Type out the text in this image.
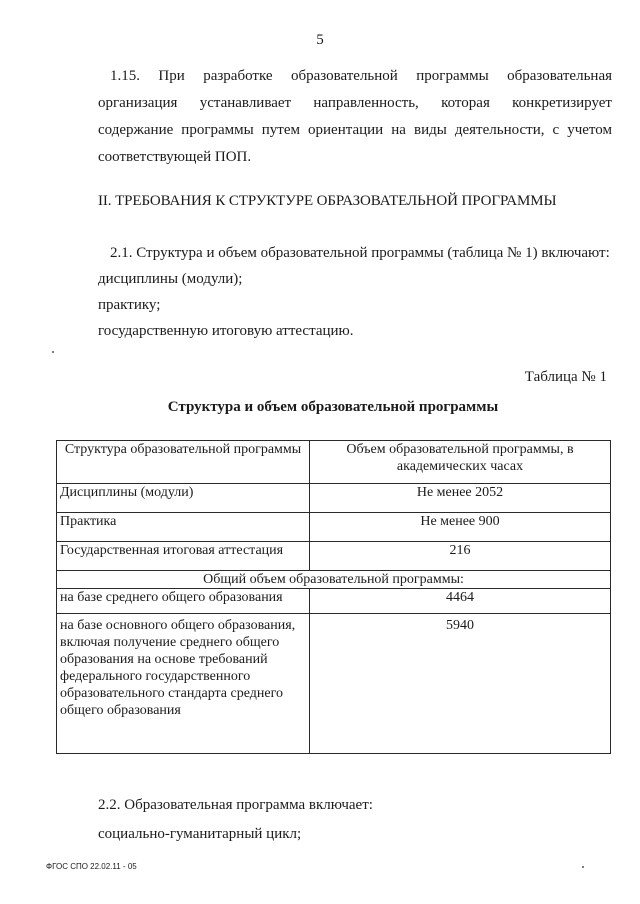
5
1.15. При разработке образовательной программы образовательная организация устанавливает направленность, которая конкретизирует содержание программы путем ориентации на виды деятельности, с учетом соответствующей ПОП.
II. ТРЕБОВАНИЯ К СТРУКТУРЕ ОБРАЗОВАТЕЛЬНОЙ ПРОГРАММЫ
2.1. Структура и объем образовательной программы (таблица № 1) включают:
дисциплины (модули);
практику;
государственную итоговую аттестацию.
Таблица № 1
Структура и объем образовательной программы
Структура образовательной программы	Объем образовательной программы, в академических часах
Дисциплины (модули)	Не менее 2052
Практика	Не менее 900
Государственная итоговая аттестация	216
Общий объем образовательной программы:	
на базе среднего общего образования	4464
на базе основного общего образования, включая получение среднего общего образования на основе требований федерального государственного образовательного стандарта среднего общего образования	5940
2.2. Образовательная программа включает:
социально-гуманитарный цикл;
ФГОС СПО 22.02.11 - 05
